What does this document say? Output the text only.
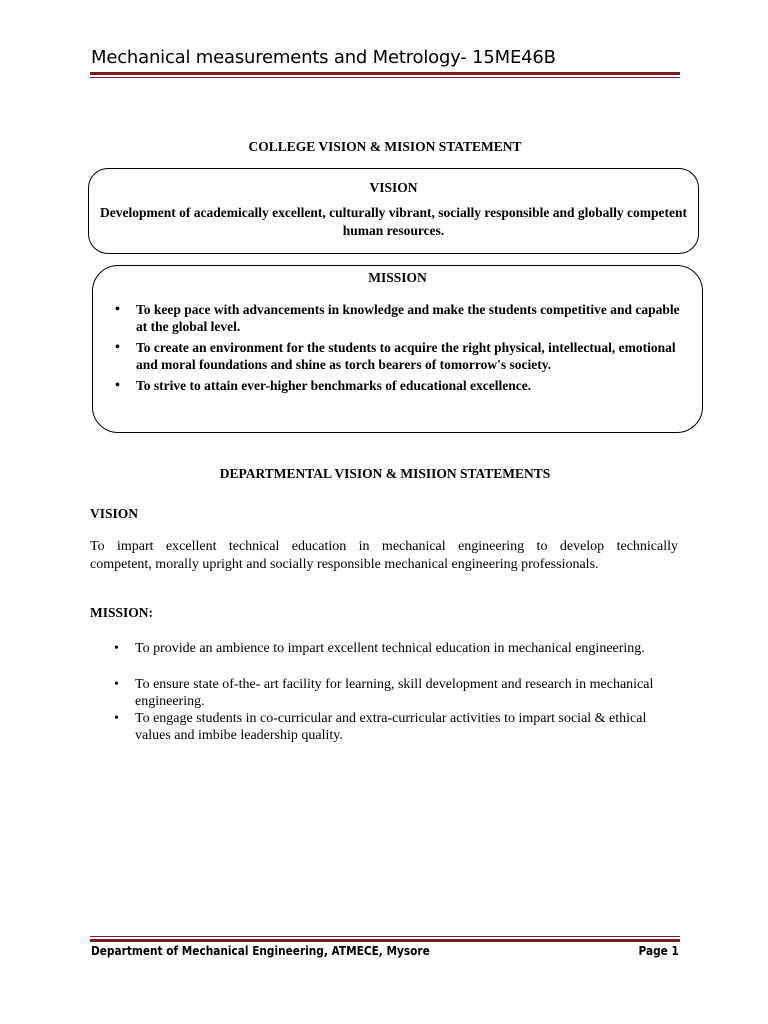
Mechanical measurements and Metrology- 15ME46B
COLLEGE VISION & MISION STATEMENT
VISION
Development of academically excellent, culturally vibrant, socially responsible and globally competent human resources.
MISSION
• To keep pace with advancements in knowledge and make the students competitive and capable at the global level.
• To create an environment for the students to acquire the right physical, intellectual, emotional and moral foundations and shine as torch bearers of tomorrow's society.
• To strive to attain ever-higher benchmarks of educational excellence.
DEPARTMENTAL VISION & MISIION STATEMENTS
VISION
To impart excellent technical education in mechanical engineering to develop technically
competent, morally upright and socially responsible mechanical engineering professionals.
MISSION:
• To provide an ambience to impart excellent technical education in mechanical engineering.
• To ensure state of-the- art facility for learning, skill development and research in mechanical engineering.
• To engage students in co-curricular and extra-curricular activities to impart social & ethical values and imbibe leadership quality.
Department of Mechanical Engineering, ATMECE, Mysore	Page 1
